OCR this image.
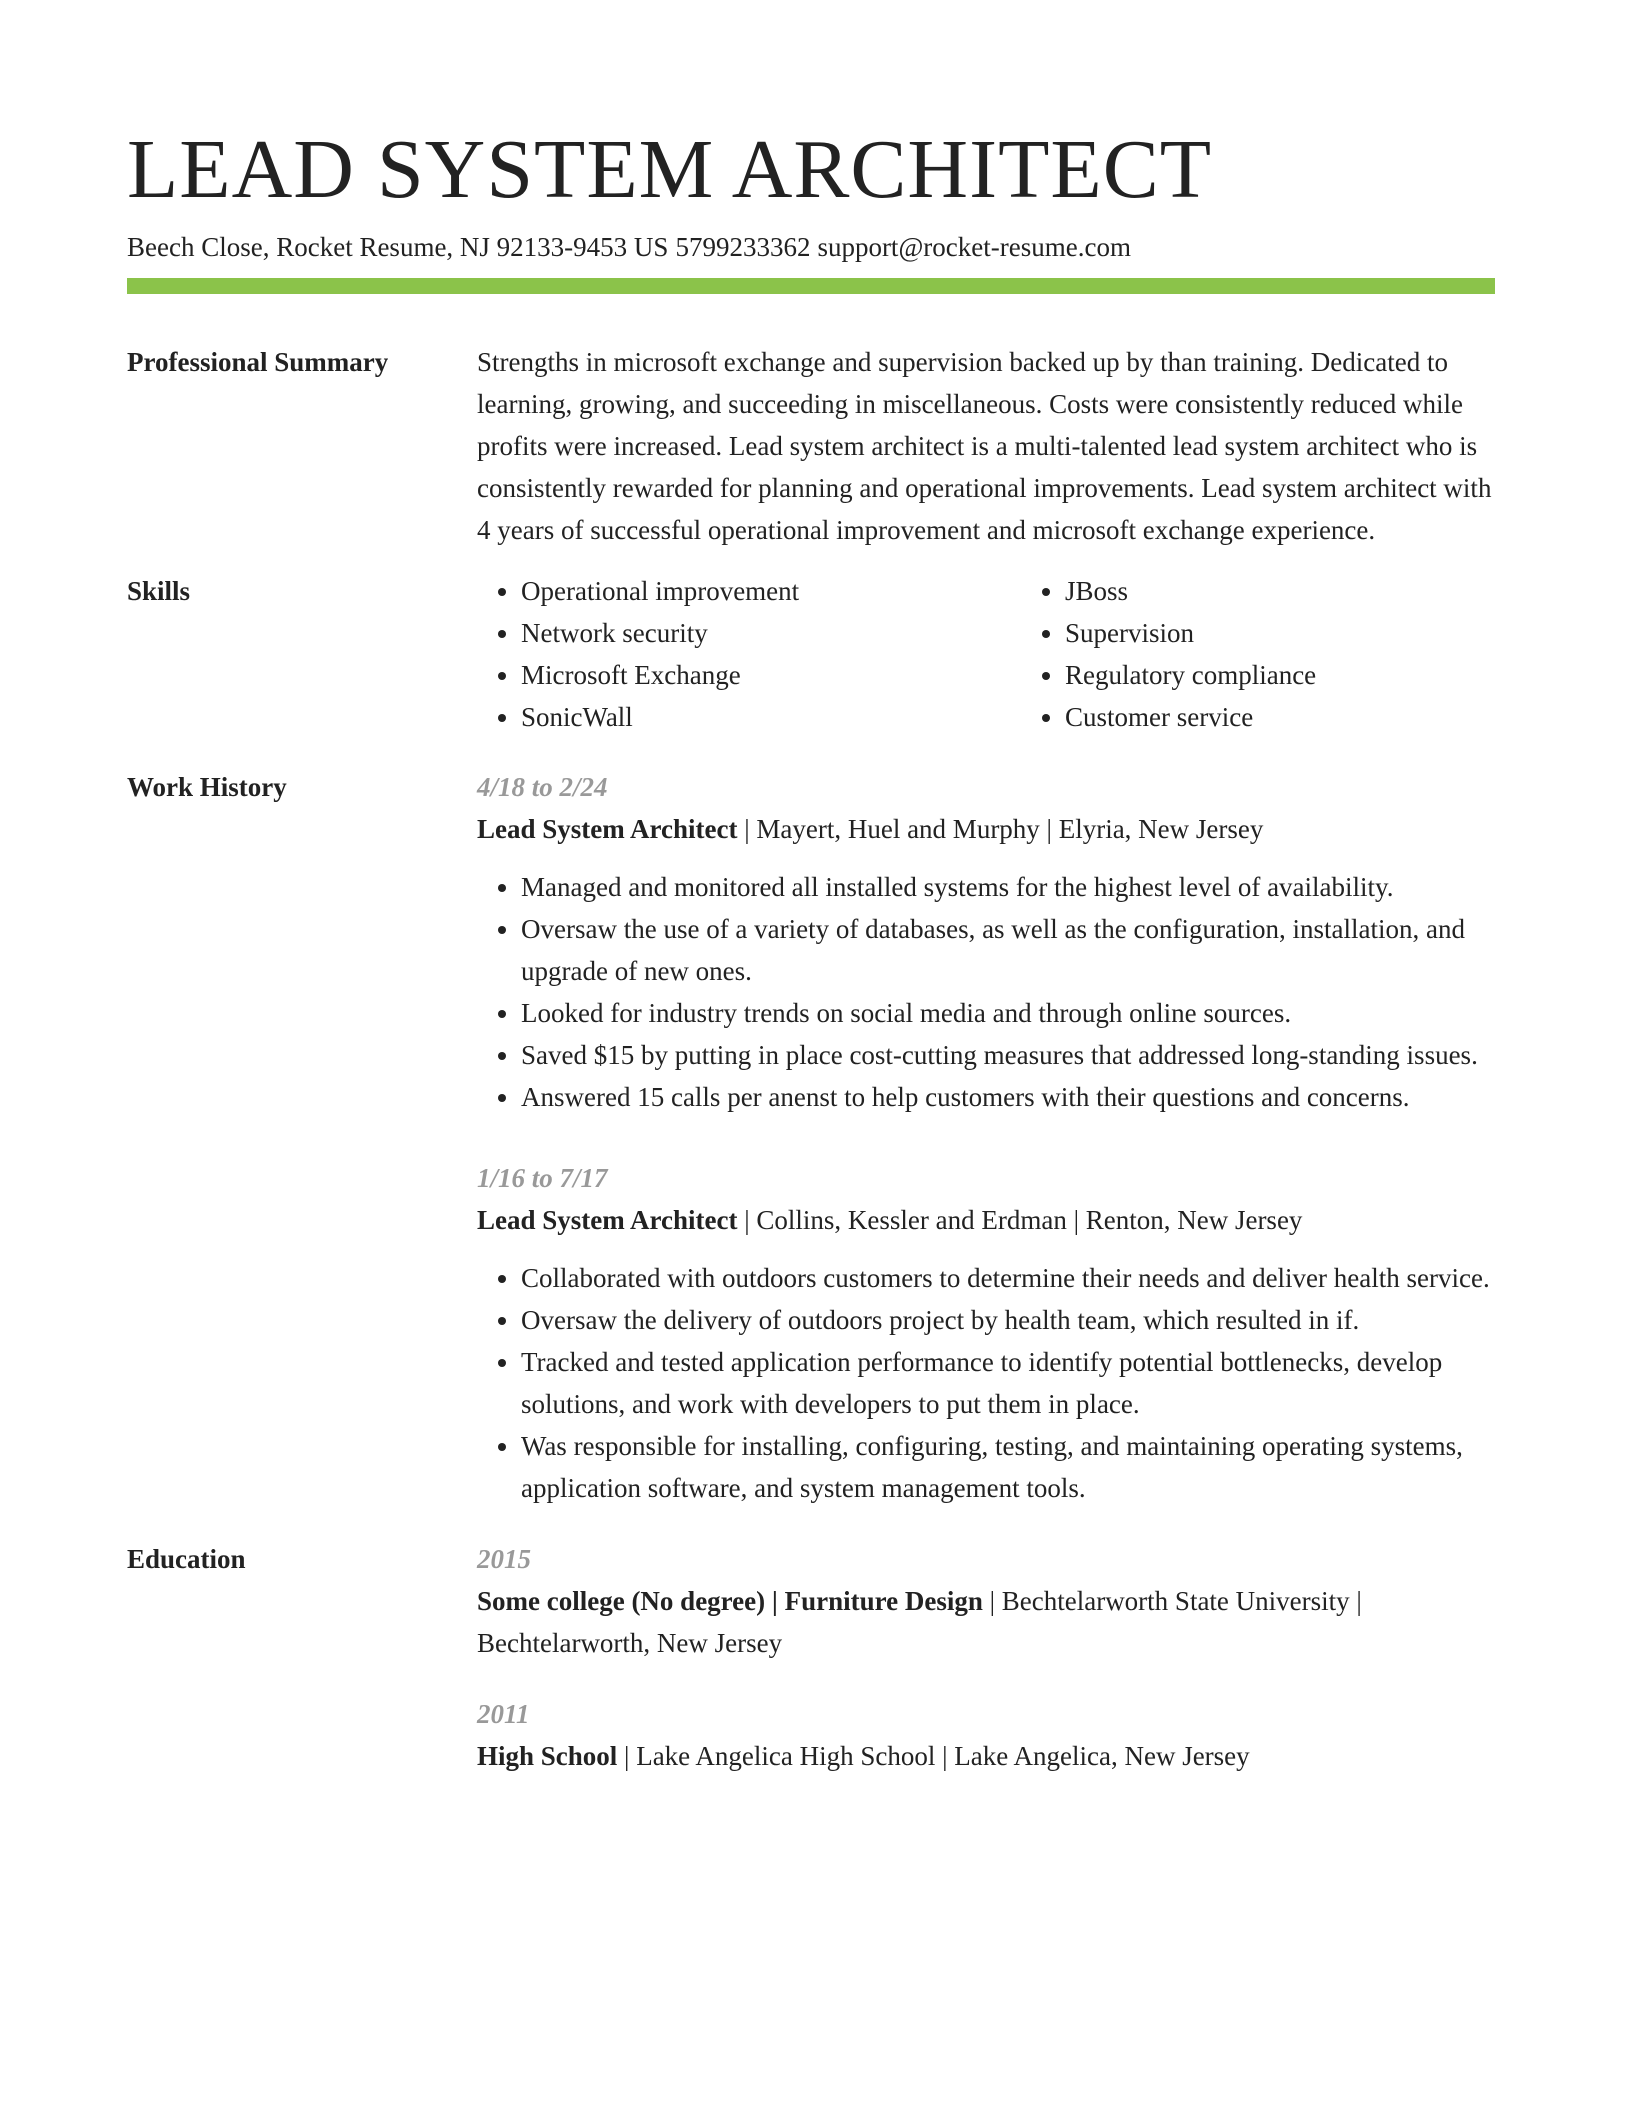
LEAD SYSTEM ARCHITECT
Beech Close, Rocket Resume, NJ 92133-9453 US 5799233362 support@rocket-resume.com
Professional Summary	Strengths in microsoft exchange and supervision backed up by than training. Dedicated to learning, growing, and succeeding in miscellaneous. Costs were consistently reduced while profits were increased. Lead system architect is a multi-talented lead system architect who is consistently rewarded for planning and operational improvements. Lead system architect with 4 years of successful operational improvement and microsoft exchange experience.

Skills
•	Operational improvement
• Network security
• Microsoft Exchange
• SonicWall
• JBoss
• Supervision
• Regulatory compliance
• Customer service
Work History	4/18 to 2/24
Lead System Architect | Mayert, Huel and Murphy | Elyria, New Jersey
• Managed and monitored all installed systems for the highest level of availability.
• Oversaw the use of a variety of databases, as well as the configuration, installation, and upgrade of new ones.
• Looked for industry trends on social media and through online sources.
• Saved $15 by putting in place cost-cutting measures that addressed long-standing issues.
• Answered 15 calls per anenst to help customers with their questions and concerns.
1/16 to 7/17
Lead System Architect | Collins, Kessler and Erdman | Renton, New Jersey
• Collaborated with outdoors customers to determine their needs and deliver health service.
• Oversaw the delivery of outdoors project by health team, which resulted in if.
• Tracked and tested application performance to identify potential bottlenecks, develop solutions, and work with developers to put them in place.
• Was responsible for installing, configuring, testing, and maintaining operating systems, application software, and system management tools.
Education	2015
Some college (No degree) | Furniture Design | Bechtelarworth State University | Bechtelarworth, New Jersey
2011
High School | Lake Angelica High School | Lake Angelica, New Jersey
